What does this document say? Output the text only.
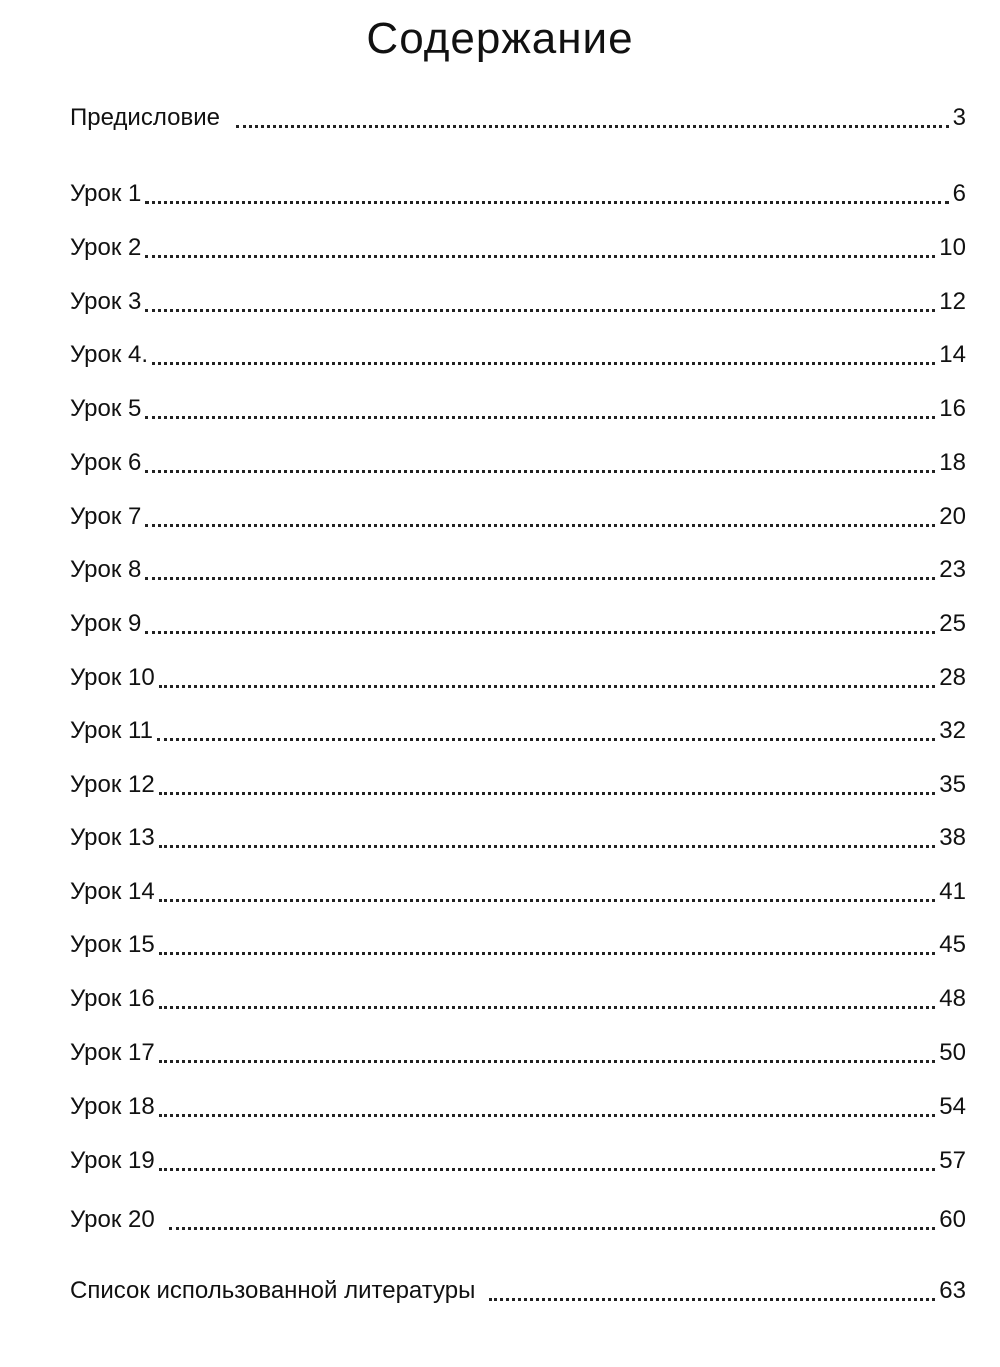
Содержание
Предисловие	3
Урок 1	6
Урок 2	10
Урок 3	12
Урок 4.	14
Урок 5	16
Урок 6	18
Урок 7	20
Урок 8	23
Урок 9	25
Урок 10	28
Урок 11	32
Урок 12	35
Урок 13	38
Урок 14	41
Урок 15	45
Урок 16	48
Урок 17	50
Урок 18	54
Урок 19	57
Урок 20	60
Список использованной литературы	63
